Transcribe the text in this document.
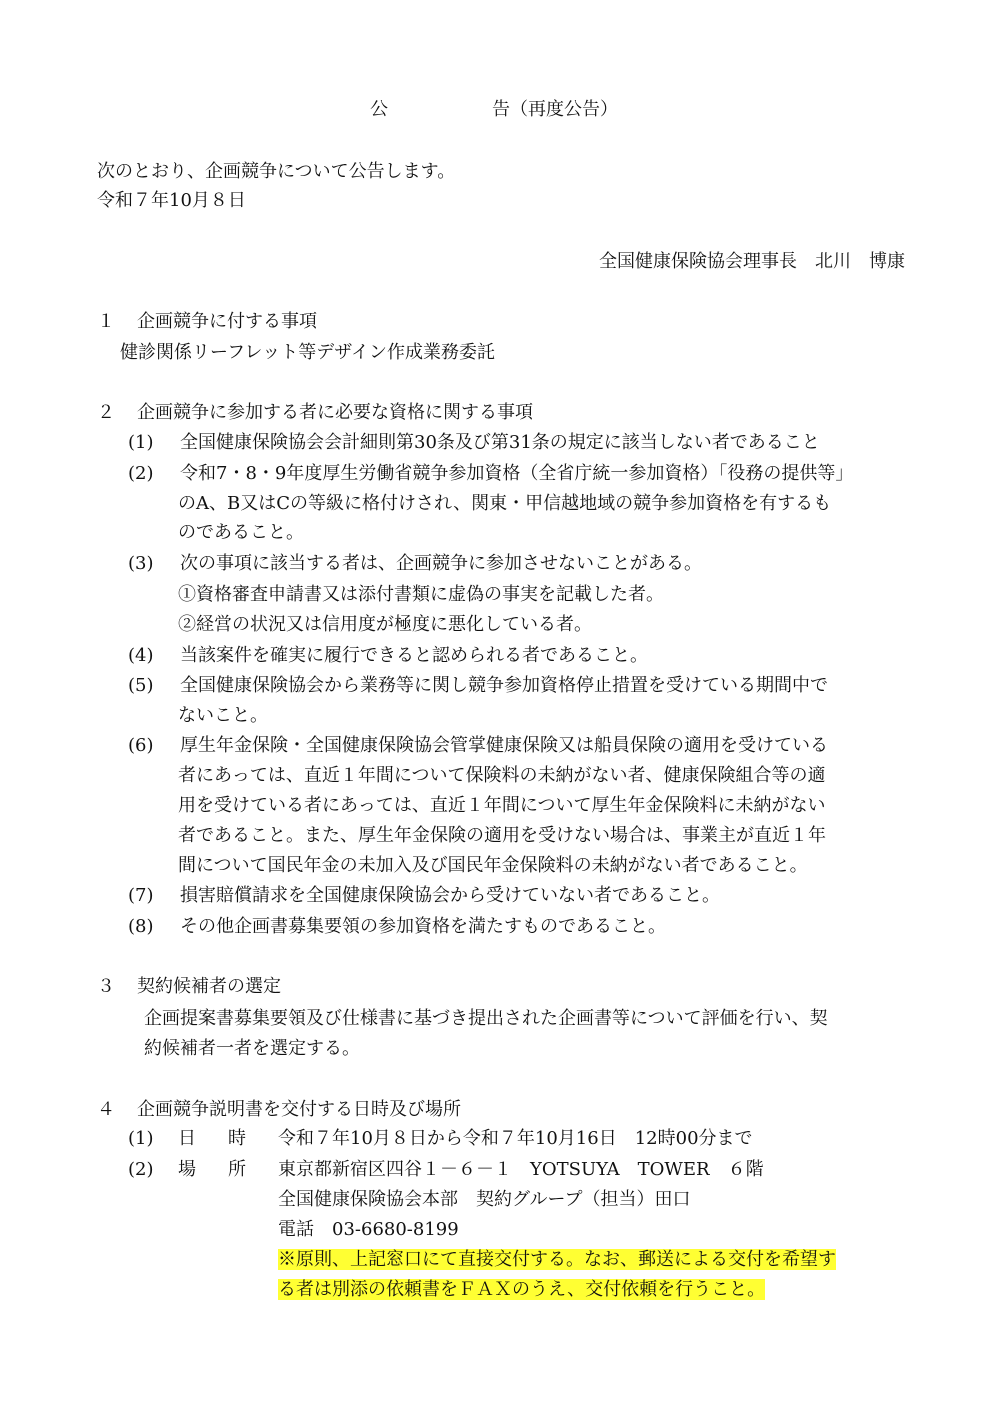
公	告（再度公告）
次のとおり、企画競争について公告します。
令和７年10月８日
全国健康保険協会理事長　北川　博康
１ 企画競争に付する事項
健診関係リーフレット等デザイン作成業務委託
２ 企画競争に参加する者に必要な資格に関する事項
(1) 全国健康保険協会会計細則第30条及び第31条の規定に該当しない者であること
(2) 令和7・8・9年度厚生労働省競争参加資格（全省庁統一参加資格）「役務の提供等」
のA、B又はCの等級に格付けされ、関東・甲信越地域の競争参加資格を有するも
のであること。
(3) 次の事項に該当する者は、企画競争に参加させないことがある。
①資格審査申請書又は添付書類に虚偽の事実を記載した者。
②経営の状況又は信用度が極度に悪化している者。
(4) 当該案件を確実に履行できると認められる者であること。
(5) 全国健康保険協会から業務等に関し競争参加資格停止措置を受けている期間中で
ないこと。
(6) 厚生年金保険・全国健康保険協会管掌健康保険又は船員保険の適用を受けている
者にあっては、直近１年間について保険料の未納がない者、健康保険組合等の適
用を受けている者にあっては、直近１年間について厚生年金保険料に未納がない
者であること。また、厚生年金保険の適用を受けない場合は、事業主が直近１年
間について国民年金の未加入及び国民年金保険料の未納がない者であること。
(7) 損害賠償請求を全国健康保険協会から受けていない者であること。
(8) その他企画書募集要領の参加資格を満たすものであること。
３ 契約候補者の選定
企画提案書募集要領及び仕様書に基づき提出された企画書等について評価を行い、契
約候補者一者を選定する。
４ 企画競争説明書を交付する日時及び場所
(1) 日 時 令和７年10月８日から令和７年10月16日　12時00分まで
(2) 場 所 東京都新宿区四谷１－６－１　YOTSUYA　TOWER　６階
全国健康保険協会本部　契約グループ（担当）田口
電話　03-6680-8199
※原則、上記窓口にて直接交付する。なお、郵送による交付を希望す
る者は別添の依頼書をＦＡＸのうえ、交付依頼を行うこと。
